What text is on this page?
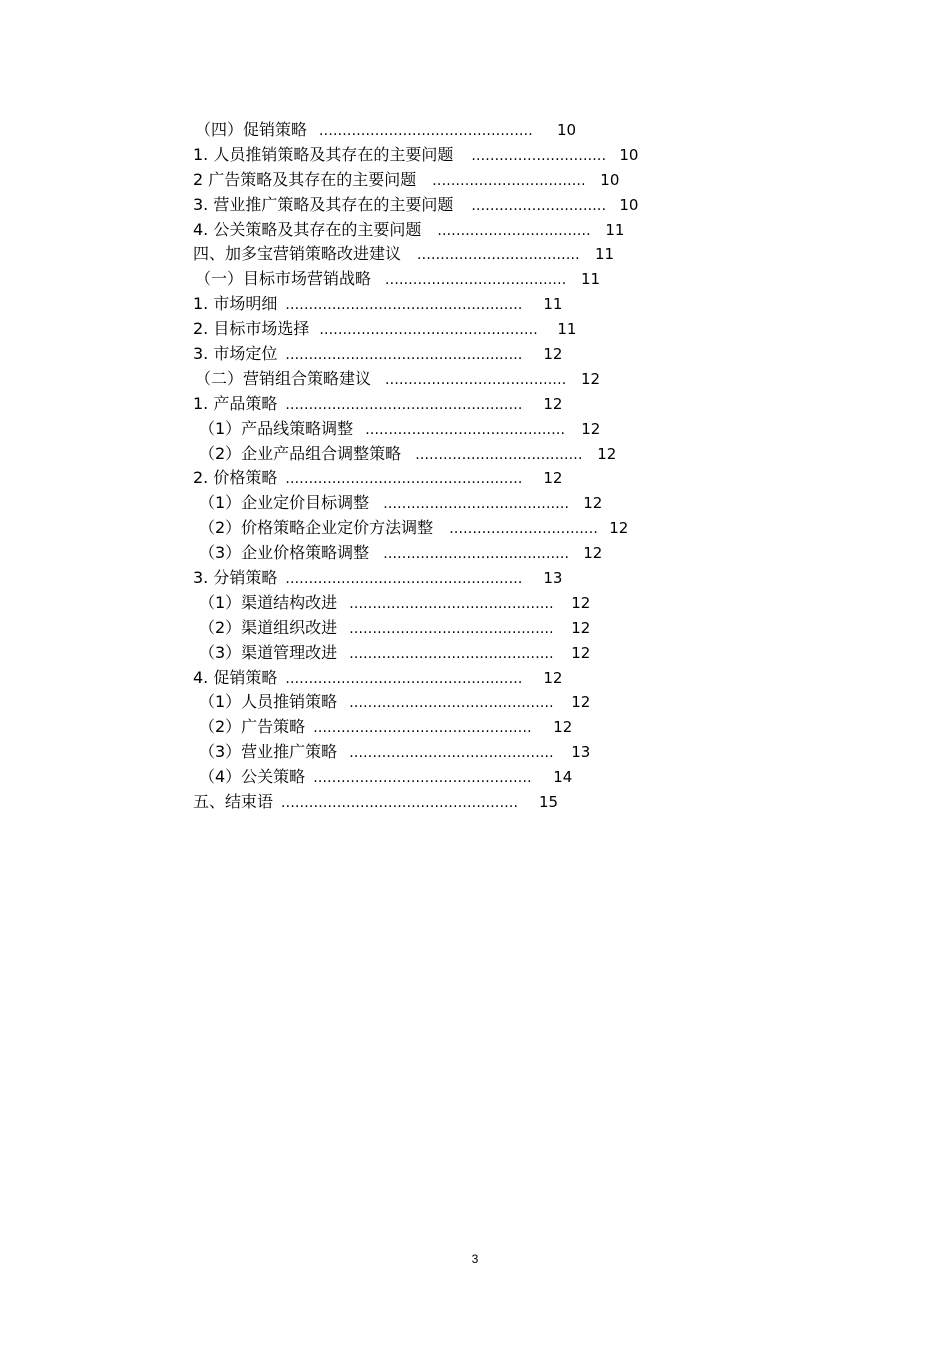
（四）促销策略 ..............................................	10
1. 人员推销策略及其存在的主要问题 ............................. 10
2 广告策略及其存在的主要问题 ................................. 10
3. 营业推广策略及其存在的主要问题 ............................. 10
4. 公关策略及其存在的主要问题 ................................. 11
四、加多宝营销策略改进建议 ...................................	11
（一）目标市场营销战略 ....................................... 11
1. 市场明细 ...................................................	11
2. 目标市场选择 ...............................................	11
3. 市场定位 ...................................................	12
（二）营销组合策略建议 ....................................... 12
1. 产品策略 ...................................................	12
（1）产品线策略调整 ...........................................	12
（2）企业产品组合调整策略 .................................... 12
2. 价格策略 ...................................................	12
（1）企业定价目标调整 ........................................ 12
（2）价格策略企业定价方法调整 ................................ 12
（3）企业价格策略调整 ........................................ 12
3. 分销策略 ...................................................	13
（1）渠道结构改进 ............................................	12
（2）渠道组织改进 ............................................	12
（3）渠道管理改进 ............................................	12
4. 促销策略 ...................................................	12
（1）人员推销策略 ............................................	12
（2）广告策略 ...............................................	12
（3）营业推广策略 ............................................	13
（4）公关策略 ...............................................	14
五、结束语 ...................................................	15
3
